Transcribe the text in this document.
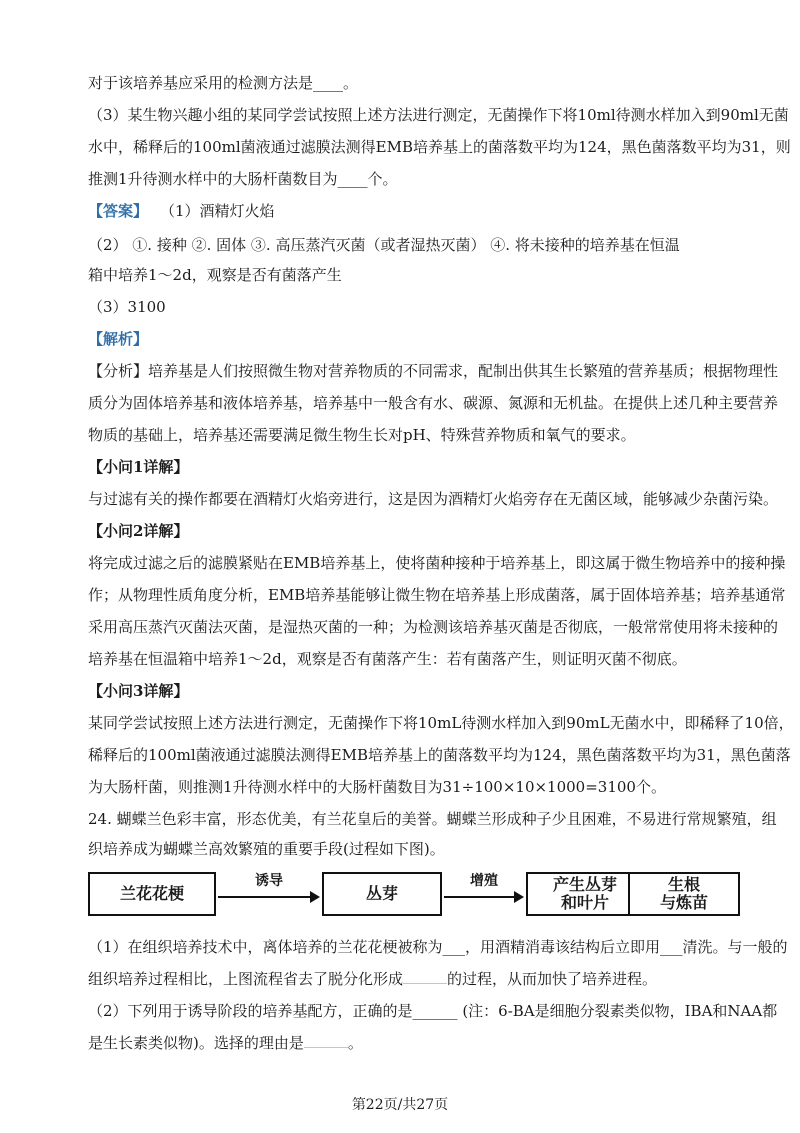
对于该培养基应采用的检测方法是____。
（3）某生物兴趣小组的某同学尝试按照上述方法进行测定，无菌操作下将10ml待测水样加入到90ml无菌
水中，稀释后的100ml菌液通过滤膜法测得EMB培养基上的菌落数平均为124，黑色菌落数平均为31，则
推测1升待测水样中的大肠杆菌数目为____个。
【答案】 （1）酒精灯火焰
（2） ①. 接种 ②. 固体 ③. 高压蒸汽灭菌（或者湿热灭菌） ④. 将未接种的培养基在恒温
箱中培养1～2d，观察是否有菌落产生
（3）3100
【解析】
【分析】培养基是人们按照微生物对营养物质的不同需求，配制出供其生长繁殖的营养基质；根据物理性
质分为固体培养基和液体培养基，培养基中一般含有水、碳源、氮源和无机盐。在提供上述几种主要营养
物质的基础上，培养基还需要满足微生物生长对pH、特殊营养物质和氧气的要求。
【小问1详解】
与过滤有关的操作都要在酒精灯火焰旁进行，这是因为酒精灯火焰旁存在无菌区域，能够减少杂菌污染。
【小问2详解】
将完成过滤之后的滤膜紧贴在EMB培养基上，使将菌种接种于培养基上，即这属于微生物培养中的接种操
作；从物理性质角度分析，EMB培养基能够让微生物在培养基上形成菌落，属于固体培养基；培养基通常
采用高压蒸汽灭菌法灭菌，是湿热灭菌的一种；为检测该培养基灭菌是否彻底，一般常常使用将未接种的
培养基在恒温箱中培养1～2d，观察是否有菌落产生：若有菌落产生，则证明灭菌不彻底。
【小问3详解】
某同学尝试按照上述方法进行测定，无菌操作下将10mL待测水样加入到90mL无菌水中，即稀释了10倍，
稀释后的100ml菌液通过滤膜法测得EMB培养基上的菌落数平均为124，黑色菌落数平均为31，黑色菌落
为大肠杆菌，则推测1升待测水样中的大肠杆菌数目为31÷100×10×1000=3100个。
24. 蝴蝶兰色彩丰富，形态优美，有兰花皇后的美誉。蝴蝶兰形成种子少且困难，不易进行常规繁殖，组
织培养成为蝴蝶兰高效繁殖的重要手段(过程如下图)。
兰花花梗
诱导
丛芽
增殖	产生丛芽
和叶片
生根
与炼苗
（1）在组织培养技术中，离体培养的兰花花梗被称为___，用酒精消毒该结构后立即用___清洗。与一般的
组织培养过程相比，上图流程省去了脱分化形成	的过程，从而加快了培养进程。
（2）下列用于诱导阶段的培养基配方，正确的是______ (注：6-BA是细胞分裂素类似物，IBA和NAA都
是生长素类似物)。选择的理由是	。
第22页/共27页
